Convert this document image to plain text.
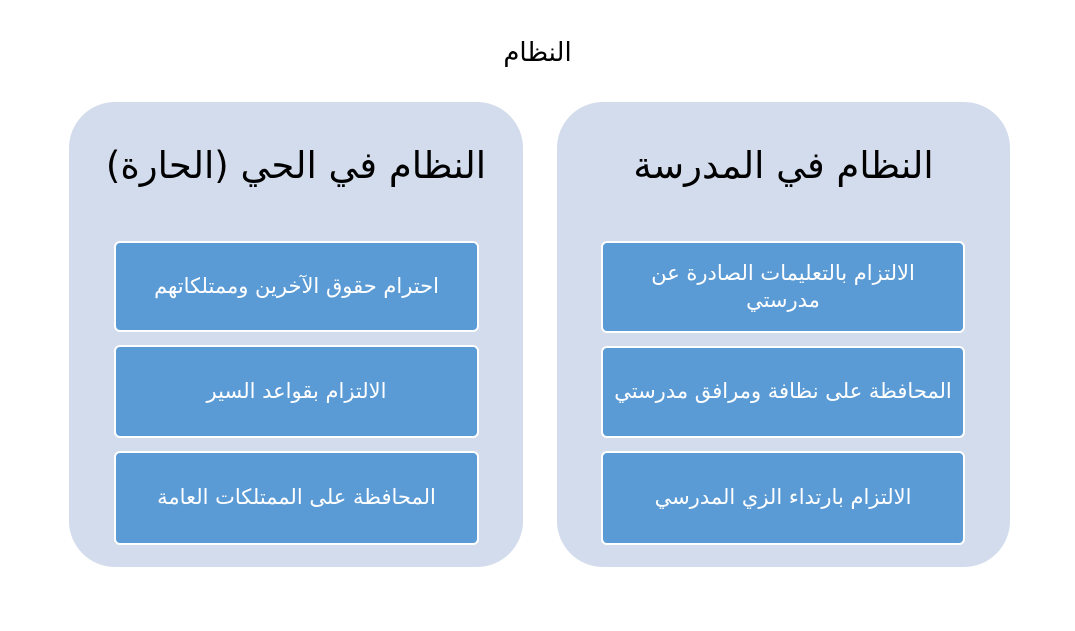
النظام
النظام في المدرسة
الالتزام بالتعليمات الصادرة عن مدرستي
المحافظة على نظافة ومرافق مدرستي
الالتزام بارتداء الزي المدرسي
النظام في الحي (الحارة)
احترام حقوق الآخرين وممتلكاتهم
الالتزام بقواعد السير
المحافظة على الممتلكات العامة
